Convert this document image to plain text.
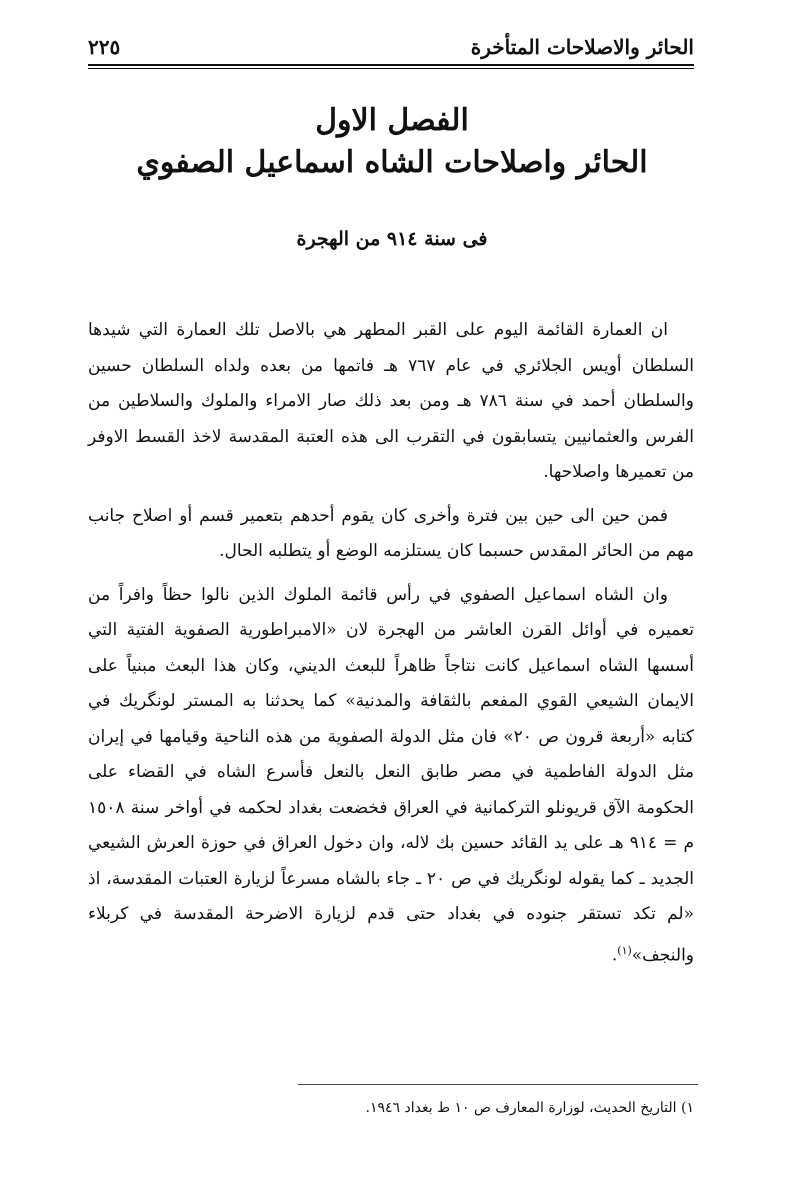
الحائر والاصلاحات المتأخرة
٢٢٥
الفصل الاول
الحائر واصلاحات الشاه اسماعيل الصفوي
فى سنة ٩١٤ من الهجرة

ان العمارة القائمة اليوم على القبر المطهر هي بالاصل تلك العمارة التي شيدها السلطان أويس الجلائري في عام ٧٦٧ هـ فاتمها من بعده ولداه السلطان حسين والسلطان أحمد في سنة ٧٨٦ هـ ومن بعد ذلك صار الامراء والملوك والسلاطين من الفرس والعثمانيين يتسابقون في التقرب الى هذه العتبة المقدسة لاخذ القسط الاوفر من تعميرها واصلاحها.

فمن حين الى حين بين فترة وأخرى كان يقوم أحدهم بتعمير قسم أو اصلاح جانب مهم من الحائر المقدس حسبما كان يستلزمه الوضع أو يتطلبه الحال.

وان الشاه اسماعيل الصفوي في رأس قائمة الملوك الذين نالوا حظاً وافراً من تعميره في أوائل القرن العاشر من الهجرة لان «الامبراطورية الصفوية الفتية التي أسسها الشاه اسماعيل كانت نتاجاً ظاهراً للبعث الديني، وكان هذا البعث مبنياً على الايمان الشيعي القوي المفعم بالثقافة والمدنية» كما يحدثنا به المستر لونگريك في كتابه «أربعة قرون ص ٢٠» فان مثل الدولة الصفوية من هذه الناحية وقيامها في إيران مثل الدولة الفاطمية في مصر طابق النعل بالنعل فأسرع الشاه في القضاء على الحكومة الآق قريونلو التركمانية في العراق فخضعت بغداد لحكمه في أواخر سنة ١٥٠٨ م = ٩١٤ هـ على يد القائد حسين بك لاله، وان دخول العراق في حوزة العرش الشيعي الجديد ـ كما يقوله لونگريك في ص ٢٠ ـ جاء بالشاه مسرعاً لزيارة العتبات المقدسة، اذ «لم تكد تستقر جنوده في بغداد حتى قدم لزيارة الاضرحة المقدسة في كربلاء والنجف»$^{(١)}$.

١) التاريخ الحديث، لوزارة المعارف ص ١٠ ط بغداد ١٩٤٦.
